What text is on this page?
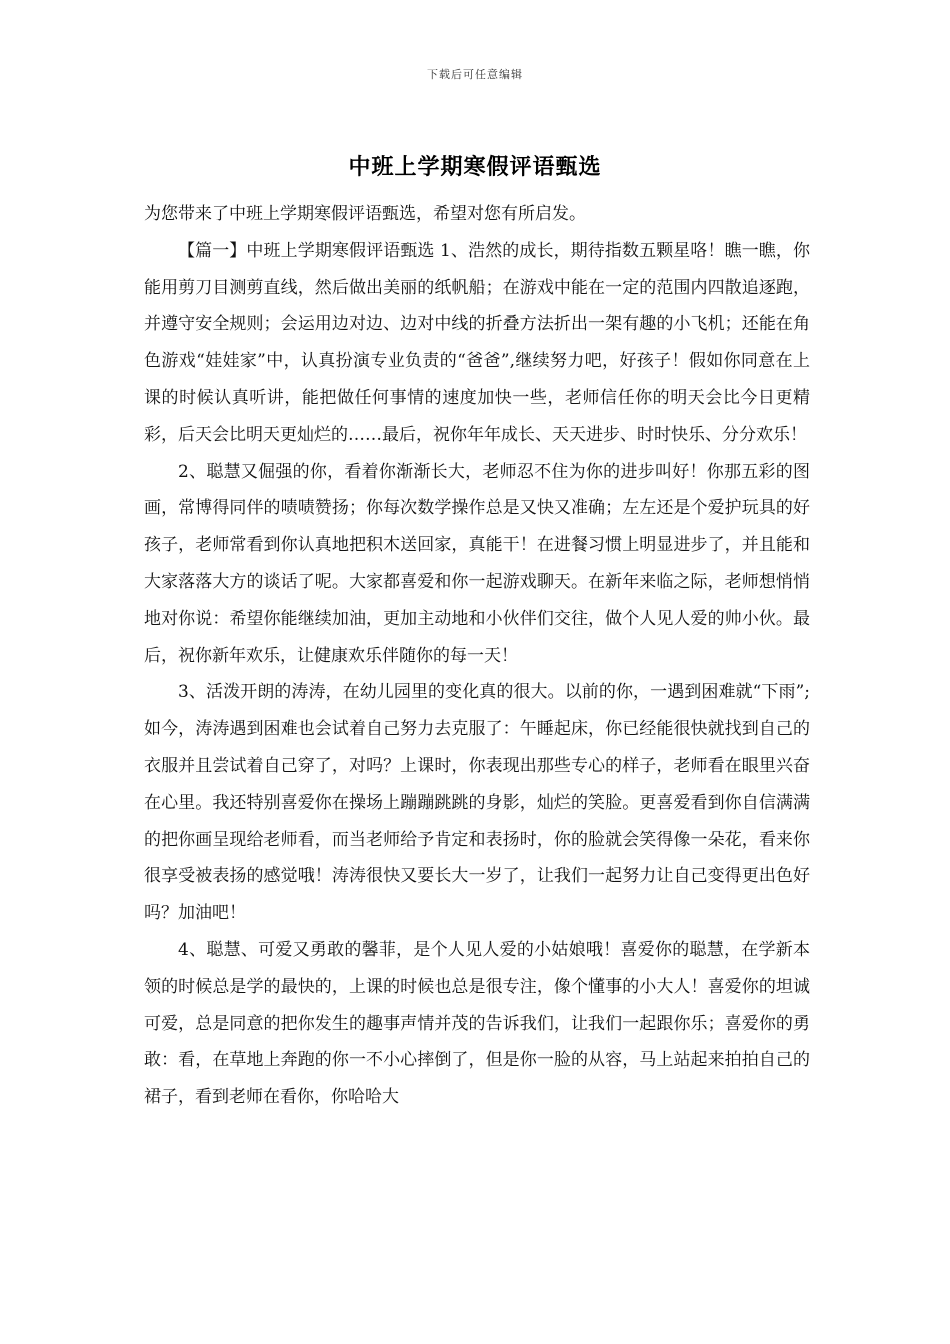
下载后可任意编辑
中班上学期寒假评语甄选

为您带来了中班上学期寒假评语甄选，希望对您有所启发。

【篇一】中班上学期寒假评语甄选 1、浩然的成长，期待指数五颗星咯！瞧一瞧，你能用剪刀目测剪直线，然后做出美丽的纸帆船；在游戏中能在一定的范围内四散追逐跑，并遵守安全规则；会运用边对边、边对中线的折叠方法折出一架有趣的小飞机；还能在角色游戏“娃娃家”中，认真扮演专业负责的“爸爸”,继续努力吧，好孩子！假如你同意在上课的时候认真听讲，能把做任何事情的速度加快一些，老师信任你的明天会比今日更精彩，后天会比明天更灿烂的……最后，祝你年年成长、天天进步、时时快乐、分分欢乐！

2、聪慧又倔强的你，看着你渐渐长大，老师忍不住为你的进步叫好！你那五彩的图画，常博得同伴的啧啧赞扬；你每次数学操作总是又快又准确；左左还是个爱护玩具的好孩子，老师常看到你认真地把积木送回家，真能干！在进餐习惯上明显进步了，并且能和大家落落大方的谈话了呢。大家都喜爱和你一起游戏聊天。在新年来临之际，老师想悄悄地对你说：希望你能继续加油，更加主动地和小伙伴们交往，做个人见人爱的帅小伙。最后，祝你新年欢乐，让健康欢乐伴随你的每一天！

3、活泼开朗的涛涛，在幼儿园里的变化真的很大。以前的你，一遇到困难就“下雨”;如今，涛涛遇到困难也会试着自己努力去克服了：午睡起床，你已经能很快就找到自己的衣服并且尝试着自己穿了，对吗？上课时，你表现出那些专心的样子，老师看在眼里兴奋在心里。我还特别喜爱你在操场上蹦蹦跳跳的身影，灿烂的笑脸。更喜爱看到你自信满满的把你画呈现给老师看，而当老师给予肯定和表扬时，你的脸就会笑得像一朵花，看来你很享受被表扬的感觉哦！涛涛很快又要长大一岁了，让我们一起努力让自己变得更出色好吗？加油吧！

4、聪慧、可爱又勇敢的馨菲，是个人见人爱的小姑娘哦！喜爱你的聪慧，在学新本领的时候总是学的最快的，上课的时候也总是很专注，像个懂事的小大人！喜爱你的坦诚可爱，总是同意的把你发生的趣事声情并茂的告诉我们，让我们一起跟你乐；喜爱你的勇敢：看，在草地上奔跑的你一不小心摔倒了，但是你一脸的从容，马上站起来拍拍自己的裙子，看到老师在看你，你哈哈大
